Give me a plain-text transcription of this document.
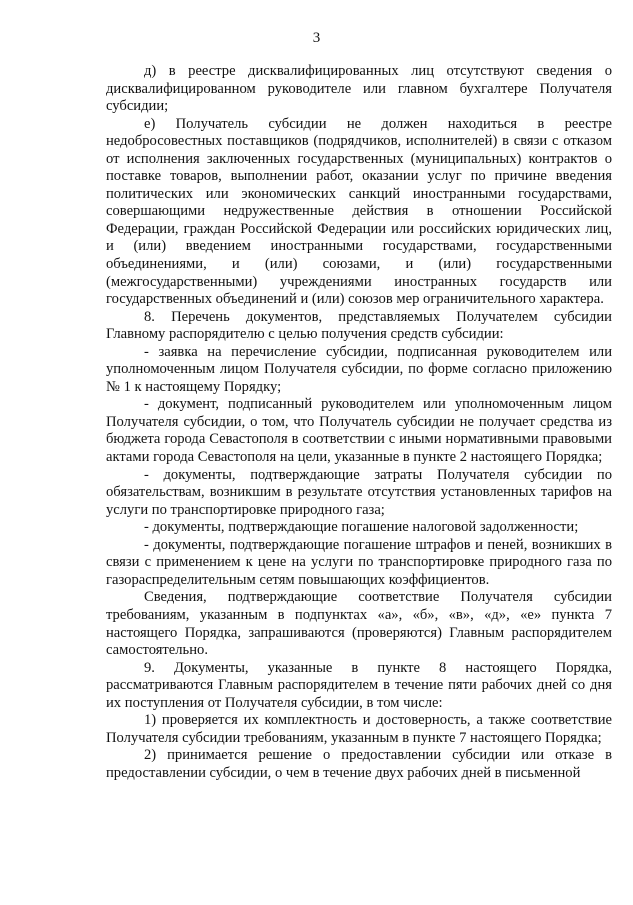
3

д) в реестре дисквалифицированных лиц отсутствуют сведения о дисквалифицированном руководителе или главном бухгалтере Получателя субсидии;

е) Получатель субсидии не должен находиться в реестре недобросовестных поставщиков (подрядчиков, исполнителей) в связи с отказом от исполнения заключенных государственных (муниципальных) контрактов о поставке товаров, выполнении работ, оказании услуг по причине введения политических или экономических санкций иностранными государствами, совершающими недружественные действия в отношении Российской Федерации, граждан Российской Федерации или российских юридических лиц, и (или) введением иностранными государствами, государственными объединениями, и (или) союзами, и (или) государственными (межгосударственными) учреждениями иностранных государств или государственных объединений и (или) союзов мер ограничительного характера.

8. Перечень документов, представляемых Получателем субсидии Главному распорядителю с целью получения средств субсидии:

- заявка на перечисление субсидии, подписанная руководителем или уполномоченным лицом Получателя субсидии, по форме согласно приложению № 1 к настоящему Порядку;

- документ, подписанный руководителем или уполномоченным лицом Получателя субсидии, о том, что Получатель субсидии не получает средства из бюджета города Севастополя в соответствии с иными нормативными правовыми актами города Севастополя на цели, указанные в пункте 2 настоящего Порядка;

- документы, подтверждающие затраты Получателя субсидии по обязательствам, возникшим в результате отсутствия установленных тарифов на услуги по транспортировке природного газа;

- документы, подтверждающие погашение налоговой задолженности;

- документы, подтверждающие погашение штрафов и пеней, возникших в связи с применением к цене на услуги по транспортировке природного газа по газораспределительным сетям повышающих коэффициентов.

Сведения, подтверждающие соответствие Получателя субсидии требованиям, указанным в подпунктах «а», «б», «в», «д», «е» пункта 7 настоящего Порядка, запрашиваются (проверяются) Главным распорядителем самостоятельно.

9. Документы, указанные в пункте 8 настоящего Порядка, рассматриваются Главным распорядителем в течение пяти рабочих дней со дня их поступления от Получателя субсидии, в том числе:

1) проверяется их комплектность и достоверность, а также соответствие Получателя субсидии требованиям, указанным в пункте 7 настоящего Порядка;

2) принимается решение о предоставлении субсидии или отказе в предоставлении субсидии, о чем в течение двух рабочих дней в письменной
